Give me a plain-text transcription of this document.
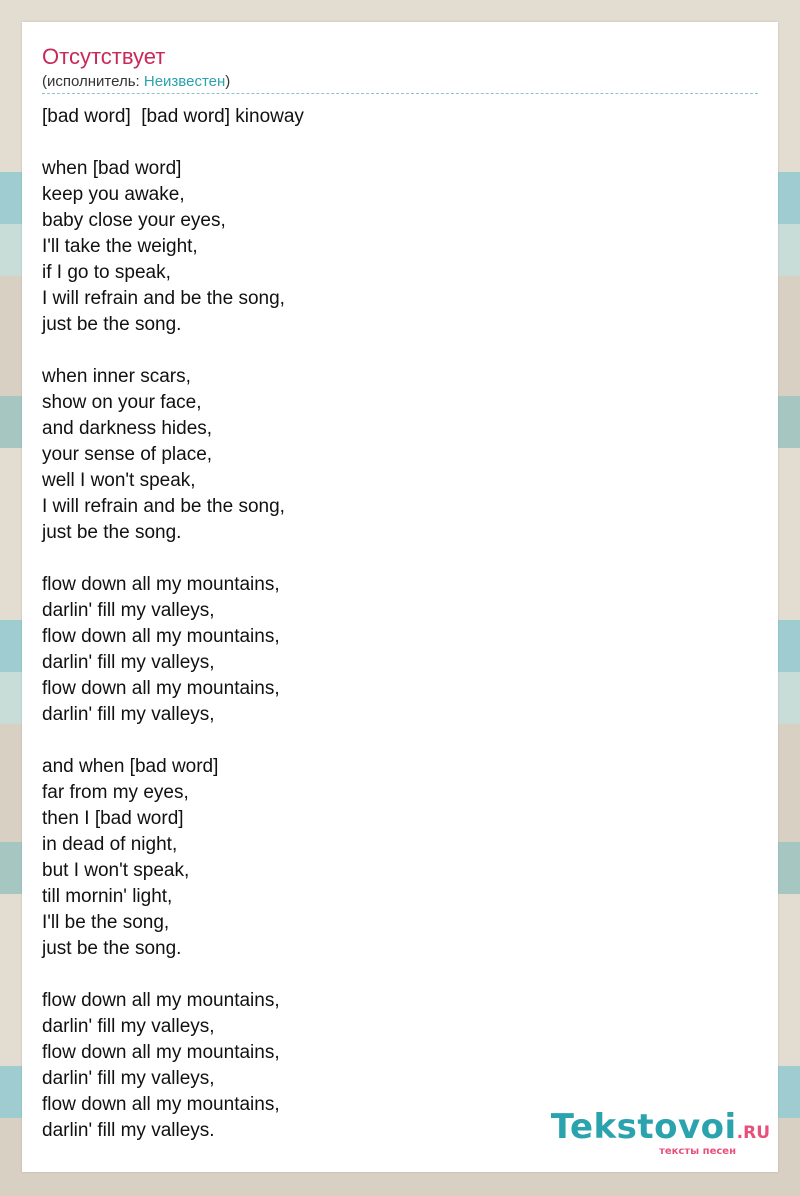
Отсутствует
(исполнитель: Неизвестен)
[bad word]  [bad word] kinoway
when [bad word]
keep you awake,
baby close your eyes,
I'll take the weight,
if I go to speak,
I will refrain and be the song,
just be the song.
when inner scars,
show on your face,
and darkness hides,
your sense of place,
well I won't speak,
I will refrain and be the song,
just be the song.
flow down all my mountains,
darlin' fill my valleys,
flow down all my mountains,
darlin' fill my valleys,
flow down all my mountains,
darlin' fill my valleys,
and when [bad word]
far from my eyes,
then I [bad word]
in dead of night,
but I won't speak,
till mornin' light,
I'll be the song,
just be the song.
flow down all my mountains,
darlin' fill my valleys,
flow down all my mountains,
darlin' fill my valleys,
flow down all my mountains,
darlin' fill my valleys.	Tekstovoi.RU
тексты песен
